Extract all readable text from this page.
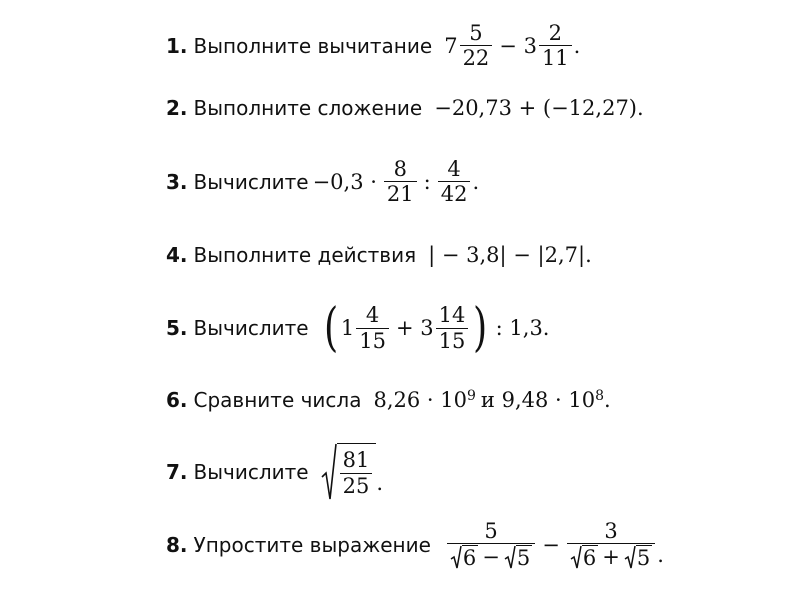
1. Выполните вычитание $7 \frac{5}{22} - 3 \frac{2}{11}$ .
2. Выполните сложение −20,73 + (−12,27).
3. Вычислите $-0,3 \cdot \frac{8}{21}$ : $\frac{4}{42}$ .
4. Выполните действия | − 3,8| − |2,7|.
5. Вычислите ( $1 \frac{4}{15} + 3 \frac{14}{15}$ ) : 1,3.
6. Сравните числа $8,26 \cdot 10^9$ и $9,48 \cdot 10^8$ .
7. Вычислите $\frac{81}{25}$ .
8. Упростите выражение $\frac{5}{6 - 5} - \frac{3}{6 + 5}$ .
